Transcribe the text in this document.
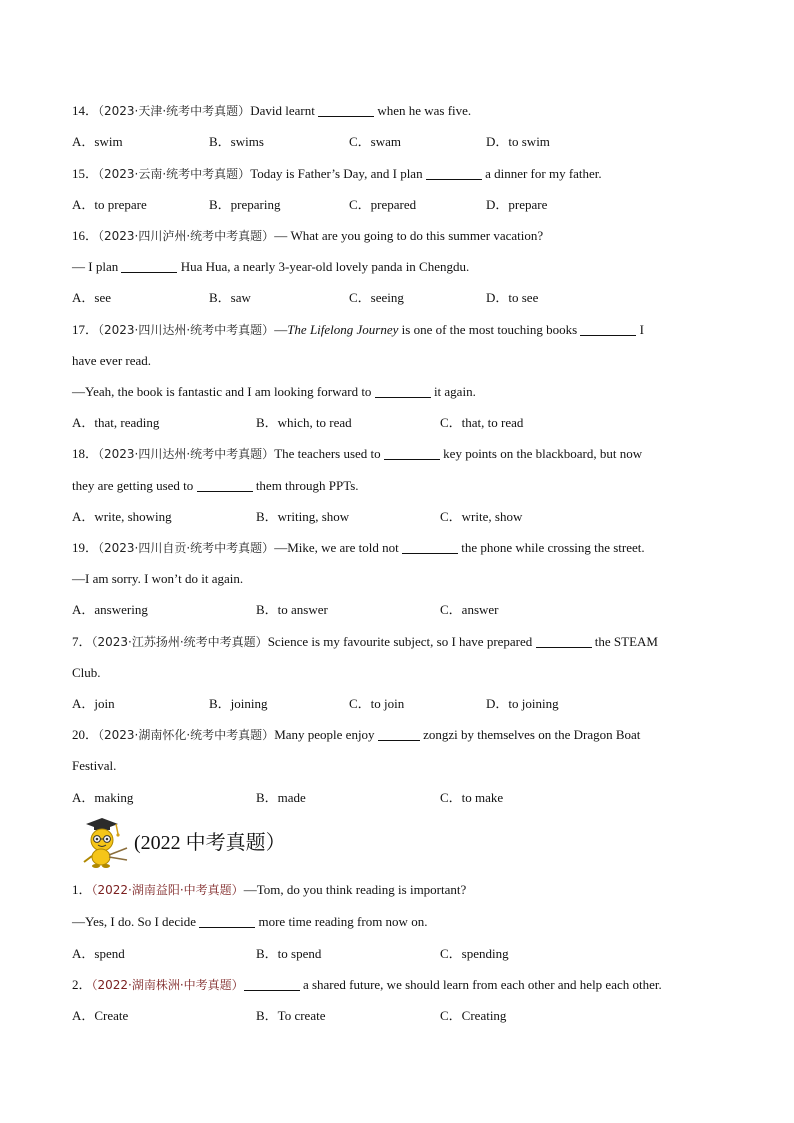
14．（2023·天津·统考中考真题）David learnt	when he was five.
A．swim	B．swims	C．swam	D．to swim
15．（2023·云南·统考中考真题）Today is Father’s Day, and I plan	a dinner for my father.
A．to prepare	B．preparing	C．prepared	D．prepare
16．（2023·四川泸州·统考中考真题）— What are you going to do this summer vacation?
— I plan	Hua Hua, a nearly 3-year-old lovely panda in Chengdu.
A．see	B．saw	C．seeing	D．to see
17．（2023·四川达州·统考中考真题）—The Lifelong Journey is one of the most touching books	I
have ever read.
—Yeah, the book is fantastic and I am looking forward to	it again.
A．that, reading	B．which, to read	C．that, to read
18．（2023·四川达州·统考中考真题）The teachers used to	key points on the blackboard, but now
they are getting used to	them through PPTs.
A．write, showing	B．writing, show	C．write, show
19．（2023·四川自贡·统考中考真题）—Mike, we are told not	the phone while crossing the street.
—I am sorry. I won’t do it again.
A．answering	B．to answer	C．answer
7．（2023·江苏扬州·统考中考真题）Science is my favourite subject, so I have prepared	the STEAM
Club.
A．join	B．joining	C．to join	D．to joining
20．（2023·湖南怀化·统考中考真题）Many people enjoy	zongzi by themselves on the Dragon Boat
Festival.
A．making	B．made	C．to make
(2022 中考真题）
1．（2022·湖南益阳·中考真题）—Tom, do you think reading is important?
—Yes, I do. So I decide	more time reading from now on.
A．spend	B．to spend	C．spending
2．（2022·湖南株洲·中考真题）	a shared future, we should learn from each other and help each other.
A．Create	B．To create	C．Creating
